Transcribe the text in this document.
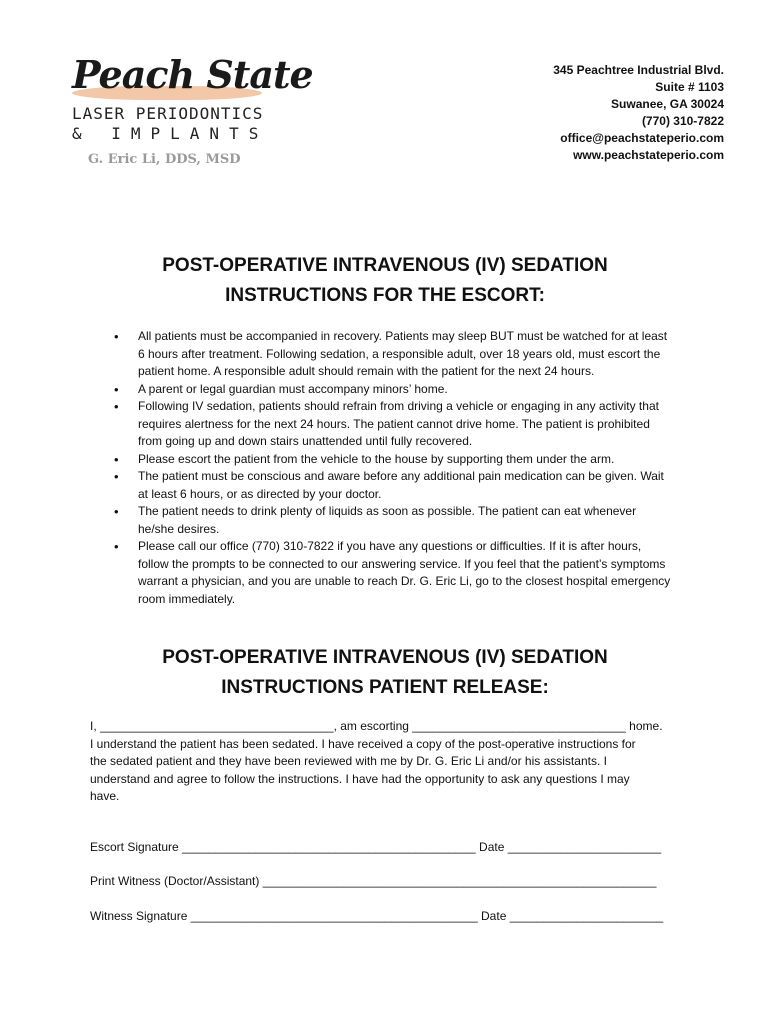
Peach State
LASER PERIODONTICS
& IMPLANTS
G. Eric Li, DDS, MSD
345 Peachtree Industrial Blvd.
Suite # 1103
Suwanee, GA 30024
(770) 310-7822
office@peachstateperio.com
www.peachstateperio.com
POST-OPERATIVE INTRAVENOUS (IV) SEDATION
INSTRUCTIONS FOR THE ESCORT:
• All patients must be accompanied in recovery. Patients may sleep BUT must be watched for at least 6 hours after treatment. Following sedation, a responsible adult, over 18 years old, must escort the patient home. A responsible adult should remain with the patient for the next 24 hours.
• A parent or legal guardian must accompany minors’ home.
• Following IV sedation, patients should refrain from driving a vehicle or engaging in any activity that requires alertness for the next 24 hours. The patient cannot drive home. The patient is prohibited from going up and down stairs unattended until fully recovered.
• Please escort the patient from the vehicle to the house by supporting them under the arm.
• The patient must be conscious and aware before any additional pain medication can be given. Wait at least 6 hours, or as directed by your doctor.
• The patient needs to drink plenty of liquids as soon as possible. The patient can eat whenever he/she desires.
• Please call our office (770) 310-7822 if you have any questions or difficulties. If it is after hours, follow the prompts to be connected to our answering service. If you feel that the patient’s symptoms warrant a physician, and you are unable to reach Dr. G. Eric Li, go to the closest hospital emergency room immediately.
POST-OPERATIVE INTRAVENOUS (IV) SEDATION
INSTRUCTIONS PATIENT RELEASE:
I, ___________________________________, am escorting ________________________________ home.
I understand the patient has been sedated. I have received a copy of the post-operative instructions for
the sedated patient and they have been reviewed with me by Dr. G. Eric Li and/or his assistants. I
understand and agree to follow the instructions. I have had the opportunity to ask any questions I may
have.
Escort Signature ____________________________________________ Date _______________________
Print Witness (Doctor/Assistant) ___________________________________________________________
Witness Signature ___________________________________________ Date _______________________
